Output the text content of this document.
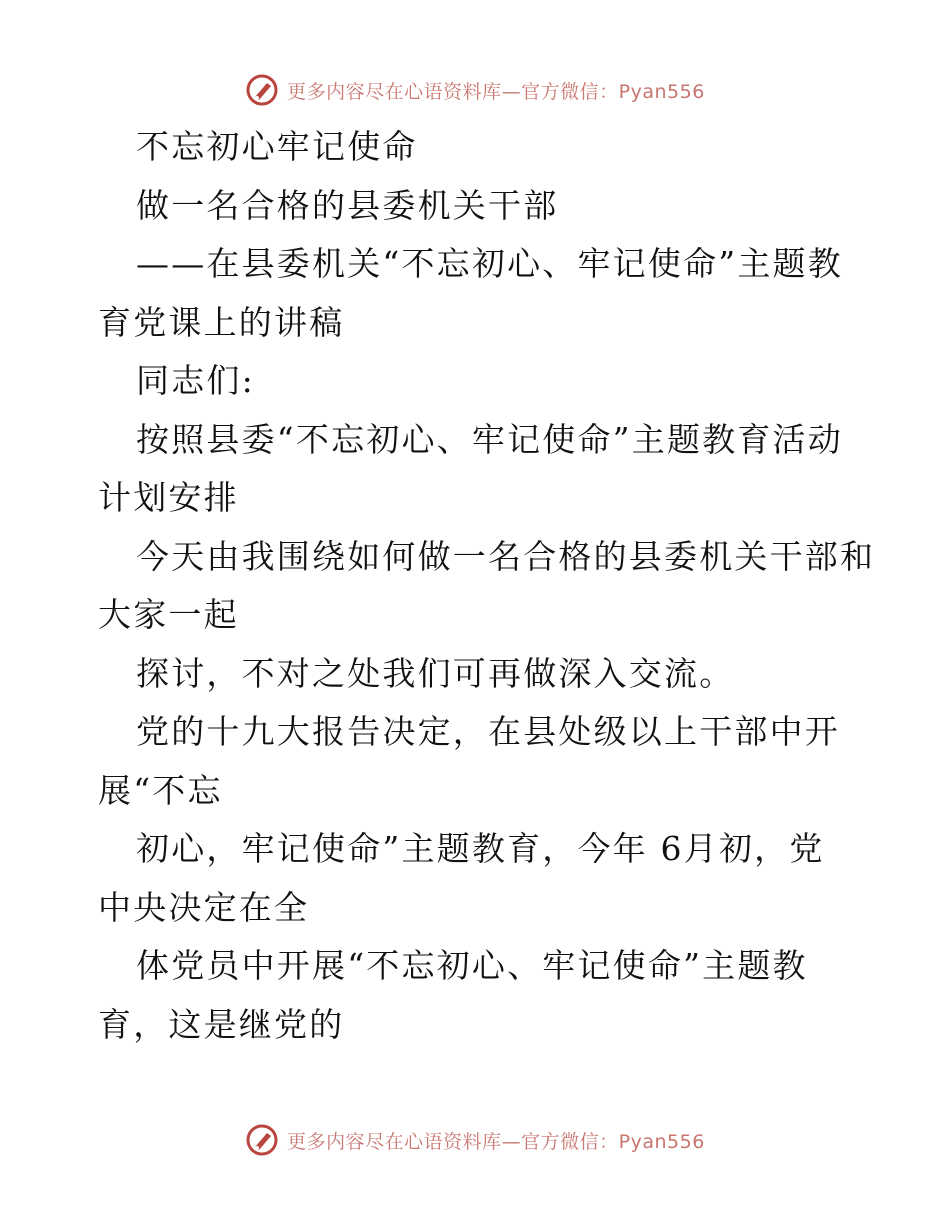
更多内容尽在心语资料库—官方微信：Pyan556
不忘初心牢记使命
做一名合格的县委机关干部
——在县委机关“不忘初心、牢记使命”主题教
育党课上的讲稿
同志们:
按照县委“不忘初心、牢记使命”主题教育活动
计划安排
今天由我围绕如何做一名合格的县委机关干部和
大家一起
探讨，不对之处我们可再做深入交流。
党的十九大报告决定，在县处级以上干部中开
展“不忘
初心，牢记使命”主题教育，今年 6月初，党
中央决定在全
体党员中开展“不忘初心、牢记使命”主题教
育，这是继党的
更多内容尽在心语资料库—官方微信：Pyan556
